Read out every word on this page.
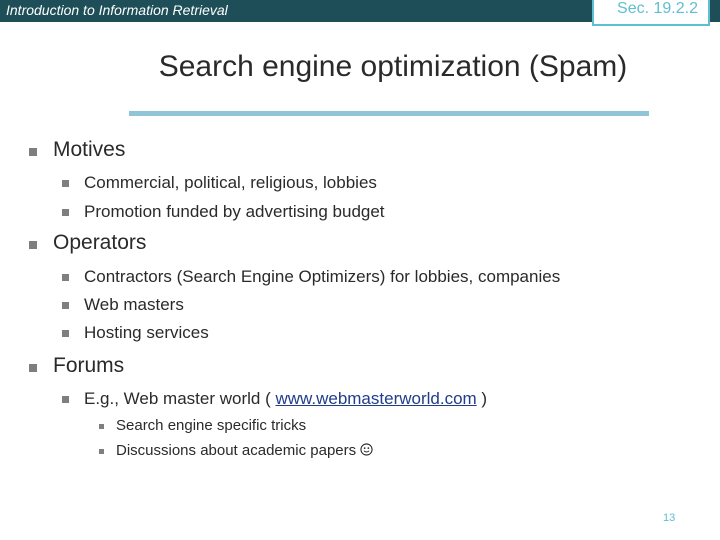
Introduction to Information Retrieval	Sec. 19.2.2
Search engine optimization (Spam)
Motives
Commercial, political, religious, lobbies
Promotion funded by advertising budget
Operators
Contractors (Search Engine Optimizers) for lobbies, companies
Web masters
Hosting services
Forums
E.g., Web master world ( www.webmasterworld.com )
Search engine specific tricks
Discussions about academic papers
13
